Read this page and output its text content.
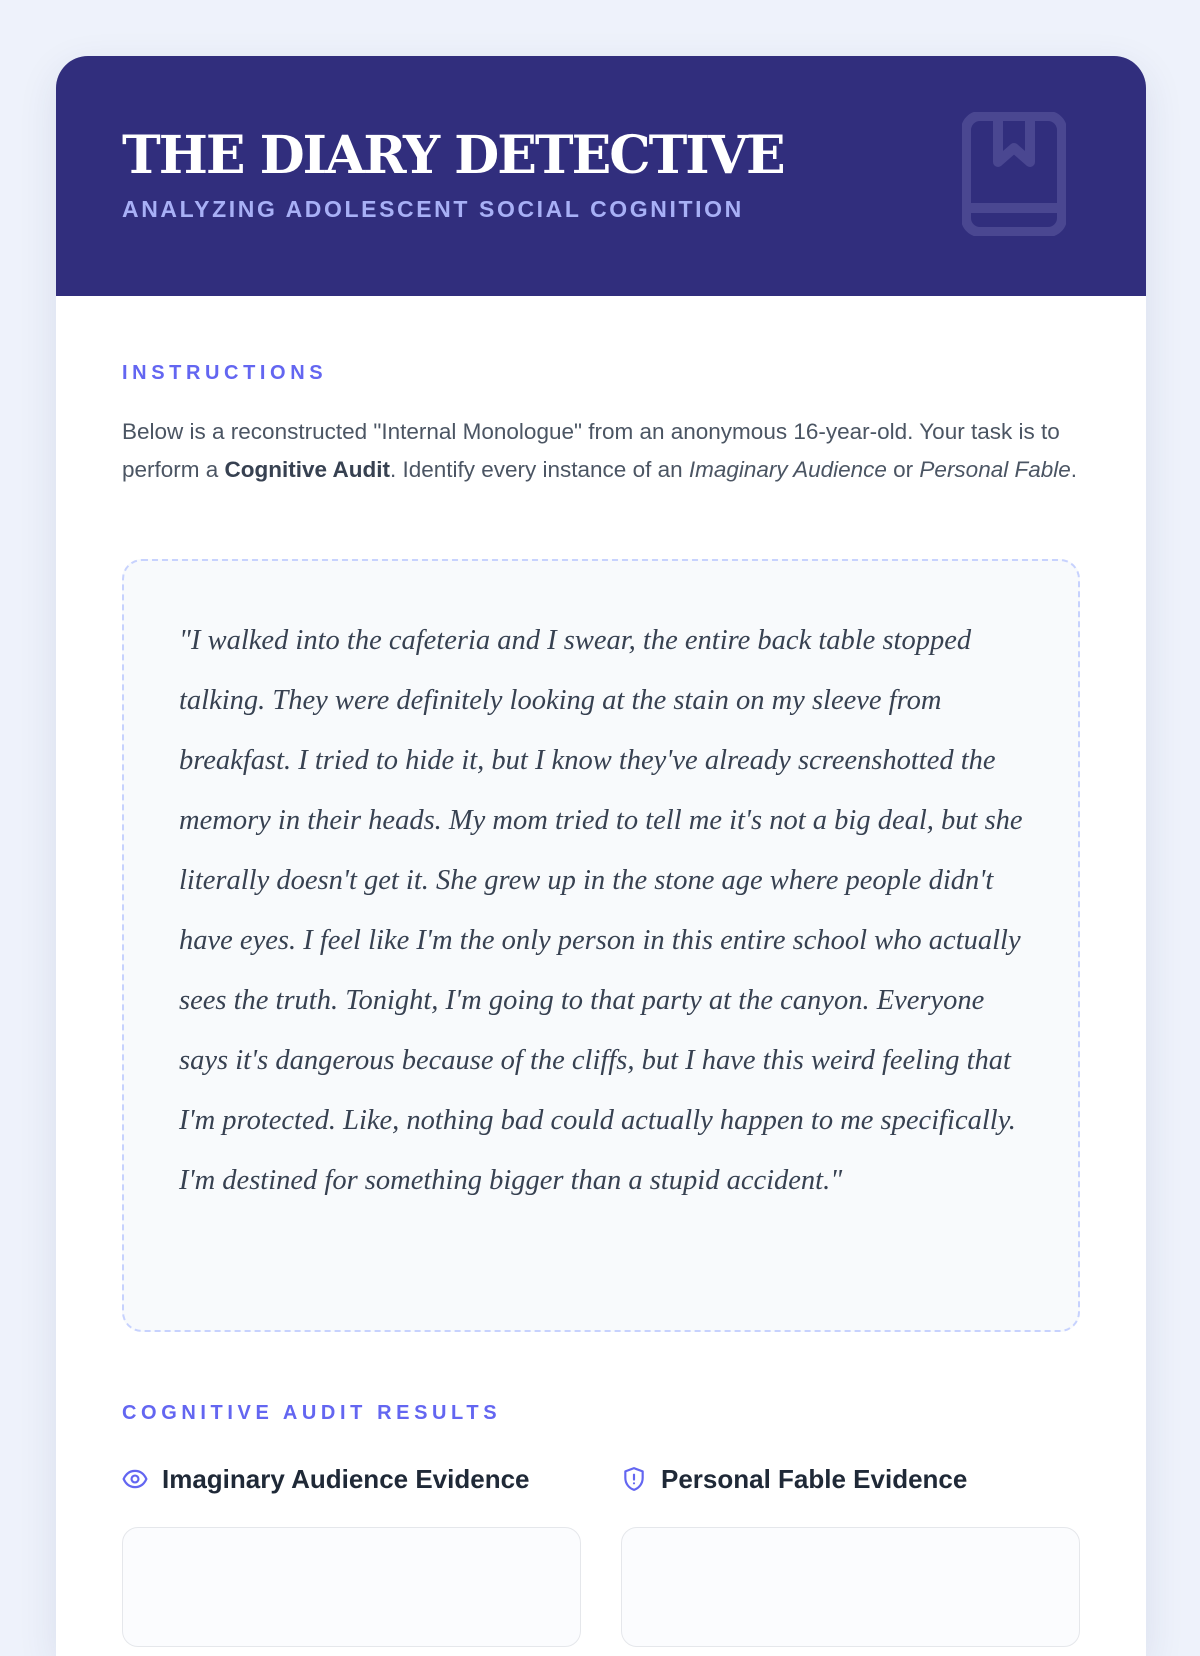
THE DIARY DETECTIVE
ANALYZING ADOLESCENT SOCIAL COGNITION
INSTRUCTIONS

Below is a reconstructed "Internal Monologue" from an anonymous 16-year-old. Your task is to perform a Cognitive Audit. Identify every instance of an Imaginary Audience or Personal Fable.

"I walked into the cafeteria and I swear, the entire back table stopped talking. They were definitely looking at the stain on my sleeve from breakfast. I tried to hide it, but I know they've already screenshotted the memory in their heads. My mom tried to tell me it's not a big deal, but she literally doesn't get it. She grew up in the stone age where people didn't have eyes. I feel like I'm the only person in this entire school who actually sees the truth. Tonight, I'm going to that party at the canyon. Everyone says it's dangerous because of the cliffs, but I have this weird feeling that I'm protected. Like, nothing bad could actually happen to me specifically. I'm destined for something bigger than a stupid accident."

COGNITIVE AUDIT RESULTS
Imaginary Audience Evidence	Personal Fable Evidence
